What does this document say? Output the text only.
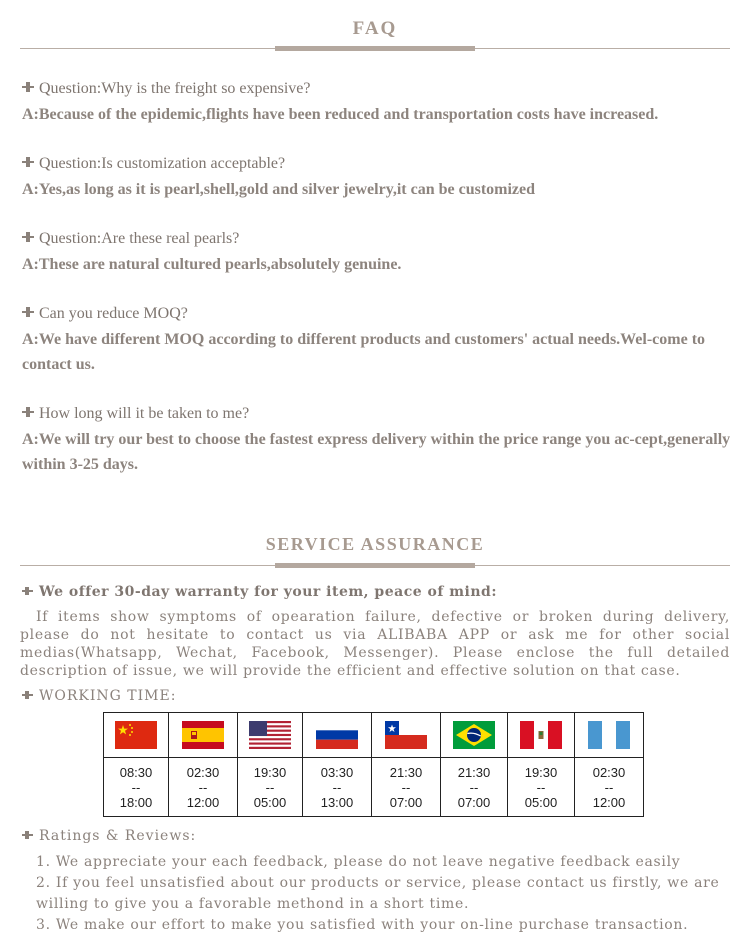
FAQ
Question:Why is the freight so expensive?
A:Because of the epidemic,flights have been reduced and transportation costs have increased.
Question:Is customization acceptable?
A:Yes,as long as it is pearl,shell,gold and silver jewelry,it can be customized
Question:Are these real pearls?
A:These are natural cultured pearls,absolutely genuine.
Can you reduce MOQ?
A:We have different MOQ according to different products and customers' actual needs.Wel-come to contact us.
How long will it be taken to me?
A:We will try our best to choose the fastest express delivery within the price range you ac-cept,generally within 3-25 days.
SERVICE ASSURANCE
We offer 30-day warranty for your item, peace of mind:
If items show symptoms of opearation failure, defective or broken during delivery, please do not hesitate to contact us via ALIBABA APP or ask me for other social medias(Whatsapp, Wechat, Facebook, Messenger). Please enclose the full detailed description of issue, we will provide the efficient and effective solution on that case.
WORKING TIME:

08:30
--
18:00	02:30
--
12:00	19:30
--
05:00	03:30
--
13:00	21:30
--
07:00	21:30
--
07:00	19:30
--
05:00	02:30
--
12:00
Ratings & Reviews:
1. We appreciate your each feedback, please do not leave negative feedback easily
2. If you feel unsatisfied about our products or service, please contact us firstly, we are willing to give you a favorable methond in a short time.
3. We make our effort to make you satisfied with your on-line purchase transaction.
